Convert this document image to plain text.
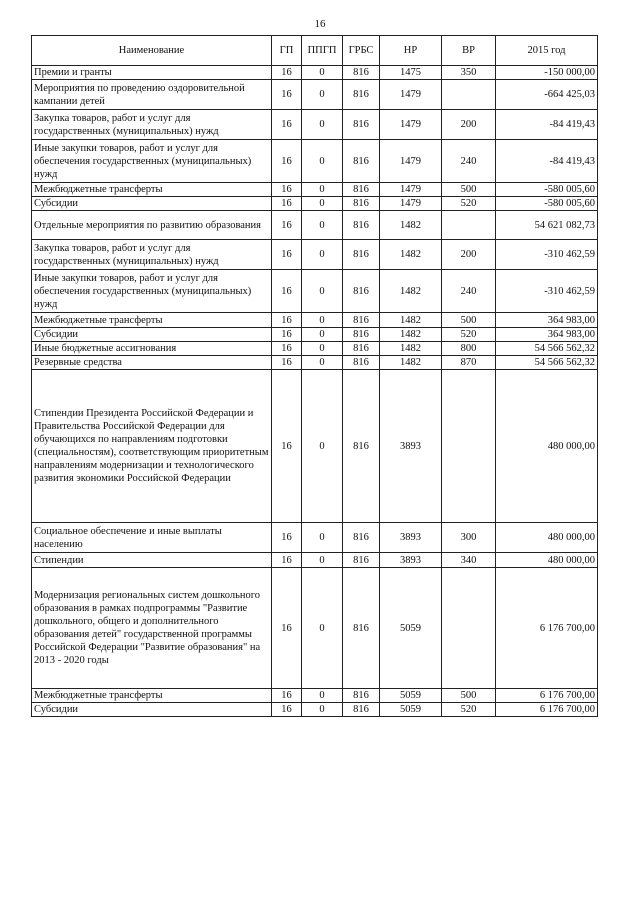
16
Наименование	ГП	ППГП	ГРБС	НР	ВР	2015 год
Премии и гранты	16	0	816	1475	350	-150 000,00
Мероприятия по проведению оздоровительной кампании детей	16	0	816	1479		-664 425,03
Закупка товаров, работ и услуг для государственных (муниципальных) нужд	16	0	816	1479	200	-84 419,43
Иные закупки товаров, работ и услуг для обеспечения государственных (муниципальных) нужд	16	0	816	1479	240	-84 419,43
Межбюджетные трансферты	16	0	816	1479	500	-580 005,60
Субсидии	16	0	816	1479	520	-580 005,60
Отдельные мероприятия по развитию образования	16	0	816	1482		54 621 082,73
Закупка товаров, работ и услуг для государственных (муниципальных) нужд	16	0	816	1482	200	-310 462,59
Иные закупки товаров, работ и услуг для обеспечения государственных (муниципальных) нужд	16	0	816	1482	240	-310 462,59
Межбюджетные трансферты	16	0	816	1482	500	364 983,00
Субсидии	16	0	816	1482	520	364 983,00
Иные бюджетные ассигнования	16	0	816	1482	800	54 566 562,32
Резервные средства	16	0	816	1482	870	54 566 562,32
Стипендии Президента Российской Федерации и Правительства Российской Федерации для обучающихся по направлениям подготовки (специальностям), соответствующим приоритетным направлениям модернизации и технологического развития экономики Российской Федерации	16	0	816	3893		480 000,00
Социальное обеспечение и иные выплаты населению	16	0	816	3893	300	480 000,00
Стипендии	16	0	816	3893	340	480 000,00
Модернизация региональных систем дошкольного образования в рамках подпрограммы "Развитие дошкольного, общего и дополнительного образования детей" государственной программы Российской Федерации "Развитие образования" на 2013 - 2020 годы	16	0	816	5059		6 176 700,00
Межбюджетные трансферты	16	0	816	5059	500	6 176 700,00
Субсидии	16	0	816	5059	520	6 176 700,00
